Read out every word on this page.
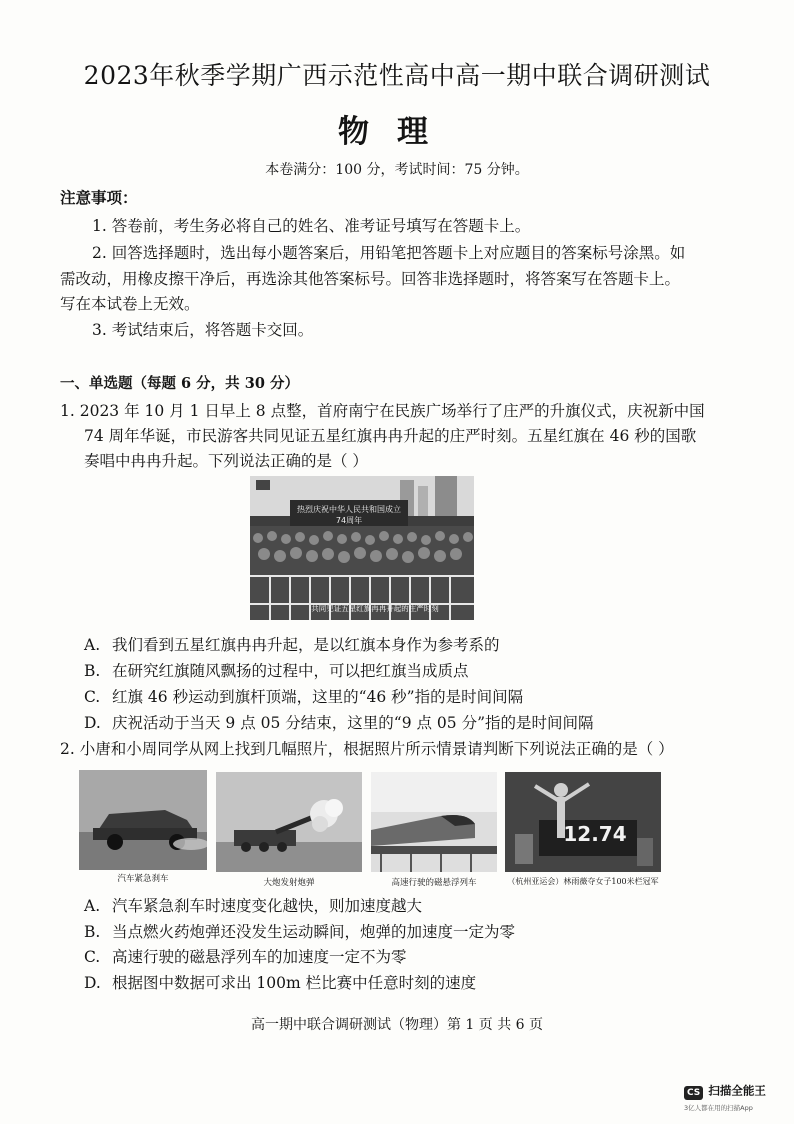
2023年秋季学期广西示范性高中高一期中联合调研测试
物理
本卷满分：100 分，考试时间：75 分钟。
注意事项：
1. 答卷前，考生务必将自己的姓名、准考证号填写在答题卡上。
2. 回答选择题时，选出每小题答案后，用铅笔把答题卡上对应题目的答案标号涂黑。如
需改动，用橡皮擦干净后，再选涂其他答案标号。回答非选择题时，将答案写在答题卡上。
写在本试卷上无效。
3. 考试结束后，将答题卡交回。
一、单选题（每题 6 分，共 30 分）
1. 2023 年 10 月 1 日早上 8 点整，首府南宁在民族广场举行了庄严的升旗仪式，庆祝新中国
74 周年华诞，市民游客共同见证五星红旗冉冉升起的庄严时刻。五星红旗在 46 秒的国歌
奏唱中冉冉升起。下列说法正确的是（ ）
热烈庆祝中华人民共和国成立74周年
共同见证五星红旗冉冉升起的庄严时刻
A. 我们看到五星红旗冉冉升起，是以红旗本身作为参考系的
B. 在研究红旗随风飘扬的过程中，可以把红旗当成质点
C. 红旗 46 秒运动到旗杆顶端，这里的“46 秒”指的是时间间隔
D. 庆祝活动于当天 9 点 05 分结束，这里的“9 点 05 分”指的是时间间隔
2. 小唐和小周同学从网上找到几幅照片，根据照片所示情景请判断下列说法正确的是（ ）
汽车紧急刹车	大炮发射炮弹	高速行驶的磁悬浮列车
12.74
（杭州亚运会）林雨薇夺女子100米栏冠军
A. 汽车紧急刹车时速度变化越快，则加速度越大
B. 当点燃火药炮弹还没发生运动瞬间，炮弹的加速度一定为零
C. 高速行驶的磁悬浮列车的加速度一定不为零
D. 根据图中数据可求出 100m 栏比赛中任意时刻的速度
高一期中联合调研测试（物理）第 1 页 共 6 页
CS 扫描全能王
3亿人都在用的扫描App
